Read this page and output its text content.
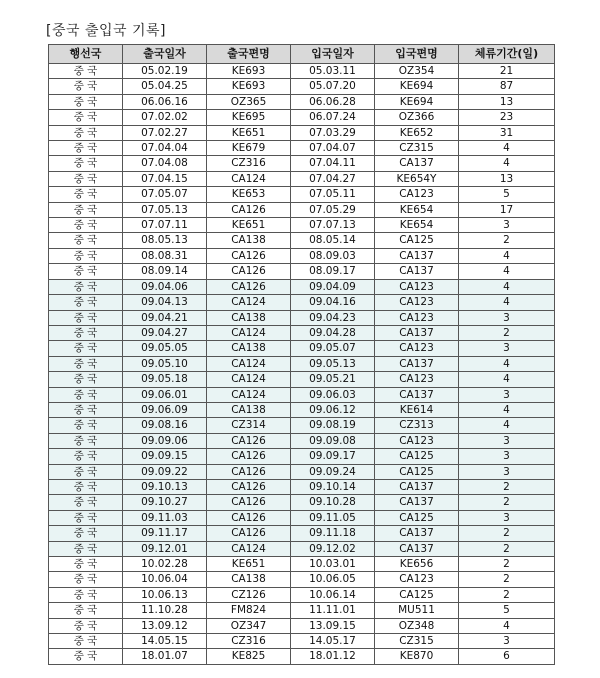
[중국 출입국 기록]
행선국	출국일자	출국편명	입국일자	입국편명	체류기간(일)
중 국	05.02.19	KE693	05.03.11	OZ354	21
중 국	05.04.25	KE693	05.07.20	KE694	87
중 국	06.06.16	OZ365	06.06.28	KE694	13
중 국	07.02.02	KE695	06.07.24	OZ366	23
중 국	07.02.27	KE651	07.03.29	KE652	31
중 국	07.04.04	KE679	07.04.07	CZ315	4
중 국	07.04.08	CZ316	07.04.11	CA137	4
중 국	07.04.15	CA124	07.04.27	KE654Y	13
중 국	07.05.07	KE653	07.05.11	CA123	5
중 국	07.05.13	CA126	07.05.29	KE654	17
중 국	07.07.11	KE651	07.07.13	KE654	3
중 국	08.05.13	CA138	08.05.14	CA125	2
중 국	08.08.31	CA126	08.09.03	CA137	4
중 국	08.09.14	CA126	08.09.17	CA137	4
중 국	09.04.06	CA126	09.04.09	CA123	4
중 국	09.04.13	CA124	09.04.16	CA123	4
중 국	09.04.21	CA138	09.04.23	CA123	3
중 국	09.04.27	CA124	09.04.28	CA137	2
중 국	09.05.05	CA138	09.05.07	CA123	3
중 국	09.05.10	CA124	09.05.13	CA137	4
중 국	09.05.18	CA124	09.05.21	CA123	4
중 국	09.06.01	CA124	09.06.03	CA137	3
중 국	09.06.09	CA138	09.06.12	KE614	4
중 국	09.08.16	CZ314	09.08.19	CZ313	4
중 국	09.09.06	CA126	09.09.08	CA123	3
중 국	09.09.15	CA126	09.09.17	CA125	3
중 국	09.09.22	CA126	09.09.24	CA125	3
중 국	09.10.13	CA126	09.10.14	CA137	2
중 국	09.10.27	CA126	09.10.28	CA137	2
중 국	09.11.03	CA126	09.11.05	CA125	3
중 국	09.11.17	CA126	09.11.18	CA137	2
중 국	09.12.01	CA124	09.12.02	CA137	2
중 국	10.02.28	KE651	10.03.01	KE656	2
중 국	10.06.04	CA138	10.06.05	CA123	2
중 국	10.06.13	CZ126	10.06.14	CA125	2
중 국	11.10.28	FM824	11.11.01	MU511	5
중 국	13.09.12	OZ347	13.09.15	OZ348	4
중 국	14.05.15	CZ316	14.05.17	CZ315	3
중 국	18.01.07	KE825	18.01.12	KE870	6
